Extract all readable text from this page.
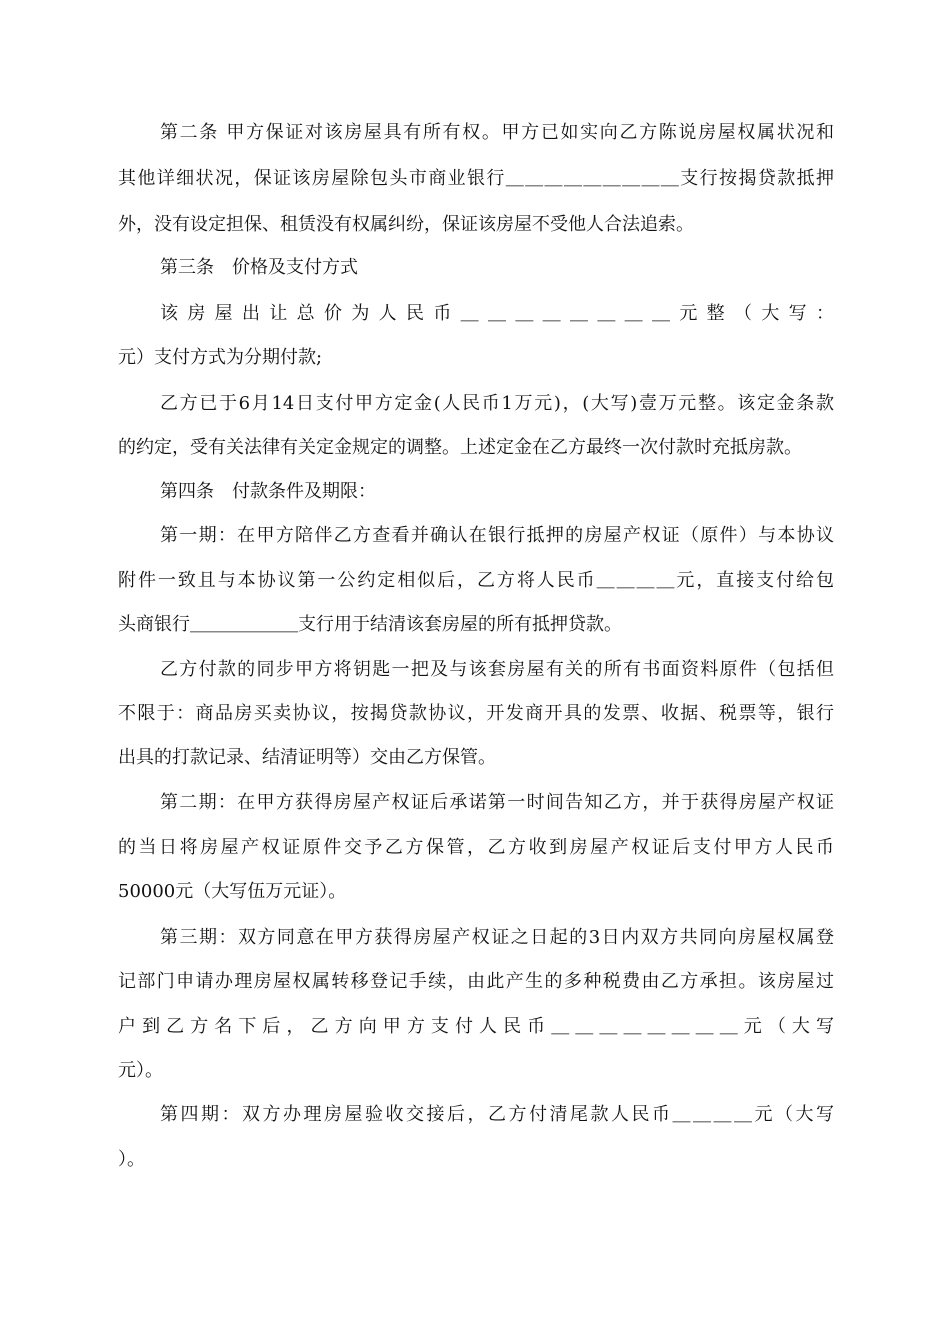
第二条 甲方保证对该房屋具有所有权。甲方已如实向乙方陈说房屋权属状况和
其他详细状况，保证该房屋除包头市商业银行＿＿＿＿＿＿＿＿＿支行按揭贷款抵押
外，没有设定担保、租赁没有权属纠纷，保证该房屋不受他人合法追索。
第三条　价格及支付方式
该房屋出让总价为人民币＿＿＿＿＿＿＿＿元整（大写：
元）支付方式为分期付款;
乙方已于6月14日支付甲方定金(人民币1万元)，(大写)壹万元整。该定金条款
的约定，受有关法律有关定金规定的调整。上述定金在乙方最终一次付款时充抵房款。
第四条　付款条件及期限：
第一期：在甲方陪伴乙方查看并确认在银行抵押的房屋产权证（原件）与本协议
附件一致且与本协议第一公约定相似后，乙方将人民币＿＿＿＿元，直接支付给包
头商银行＿＿＿＿＿＿支行用于结清该套房屋的所有抵押贷款。
乙方付款的同步甲方将钥匙一把及与该套房屋有关的所有书面资料原件（包括但
不限于：商品房买卖协议，按揭贷款协议，开发商开具的发票、收据、税票等，银行
出具的打款记录、结清证明等）交由乙方保管。
第二期：在甲方获得房屋产权证后承诺第一时间告知乙方，并于获得房屋产权证
的当日将房屋产权证原件交予乙方保管，乙方收到房屋产权证后支付甲方人民币
50000元（大写伍万元证）。
第三期：双方同意在甲方获得房屋产权证之日起的3日内双方共同向房屋权属登
记部门申请办理房屋权属转移登记手续，由此产生的多种税费由乙方承担。该房屋过
户到乙方名下后，乙方向甲方支付人民币＿＿＿＿＿＿＿＿元（大写
元）。
第四期：双方办理房屋验收交接后，乙方付清尾款人民币＿＿＿＿元（大写
）。
